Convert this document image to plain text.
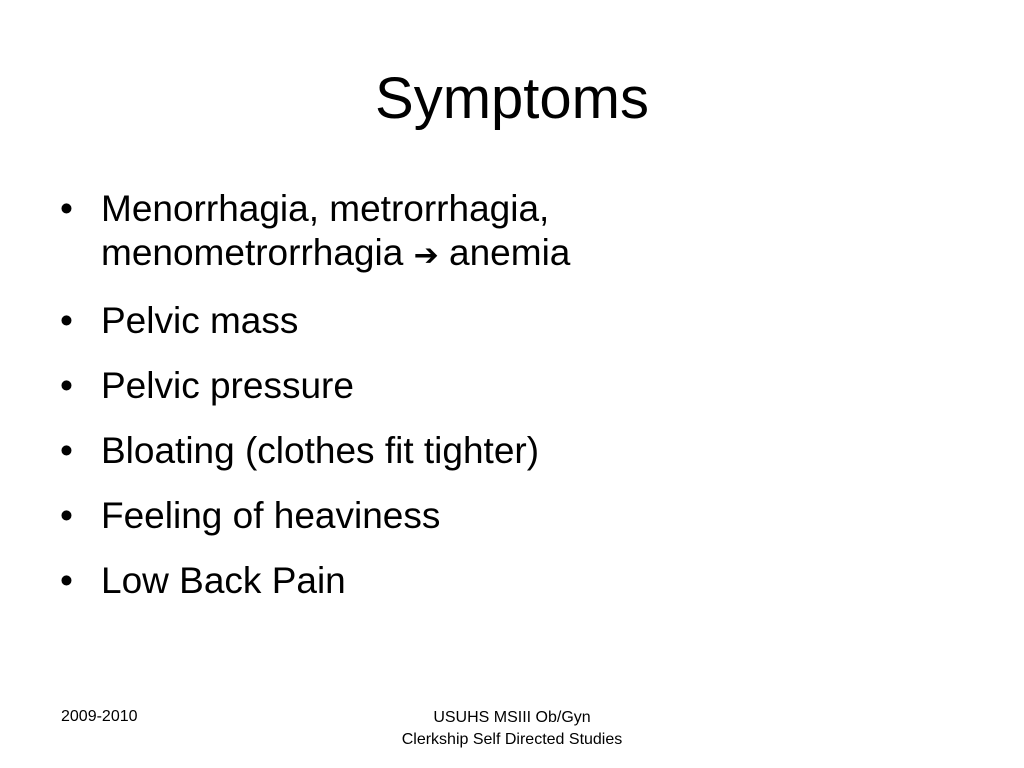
Symptoms
• Menorrhagia, metrorrhagia,
menometrorrhagia ➔ anemia
• Pelvic mass
• Pelvic pressure
• Bloating (clothes fit tighter)
• Feeling of heaviness
• Low Back Pain
2009-2010	USUHS MSIII Ob/Gyn
Clerkship Self Directed Studies
